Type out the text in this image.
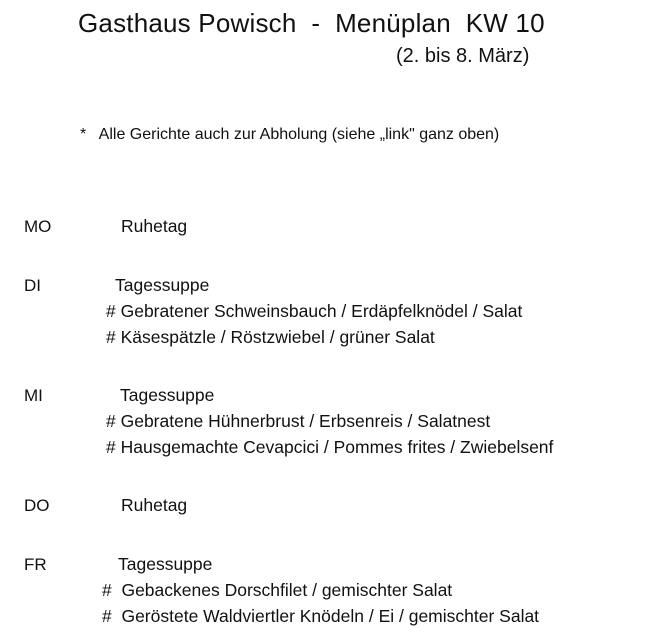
Gasthaus Powisch  -  Menüplan  KW 10
(2. bis 8. März)
*   Alle Gerichte auch zur Abholung (siehe „link" ganz oben)
MO	Ruhetag
DI	Tagessuppe
# Gebratener Schweinsbauch / Erdäpfelknödel / Salat
# Käsespätzle / Röstzwiebel / grüner Salat
MI	Tagessuppe
# Gebratene Hühnerbrust / Erbsenreis / Salatnest
# Hausgemachte Cevapcici / Pommes frites / Zwiebelsenf
DO	Ruhetag
FR	Tagessuppe
#  Gebackenes Dorschfilet / gemischter Salat
#  Geröstete Waldviertler Knödeln / Ei / gemischter Salat
